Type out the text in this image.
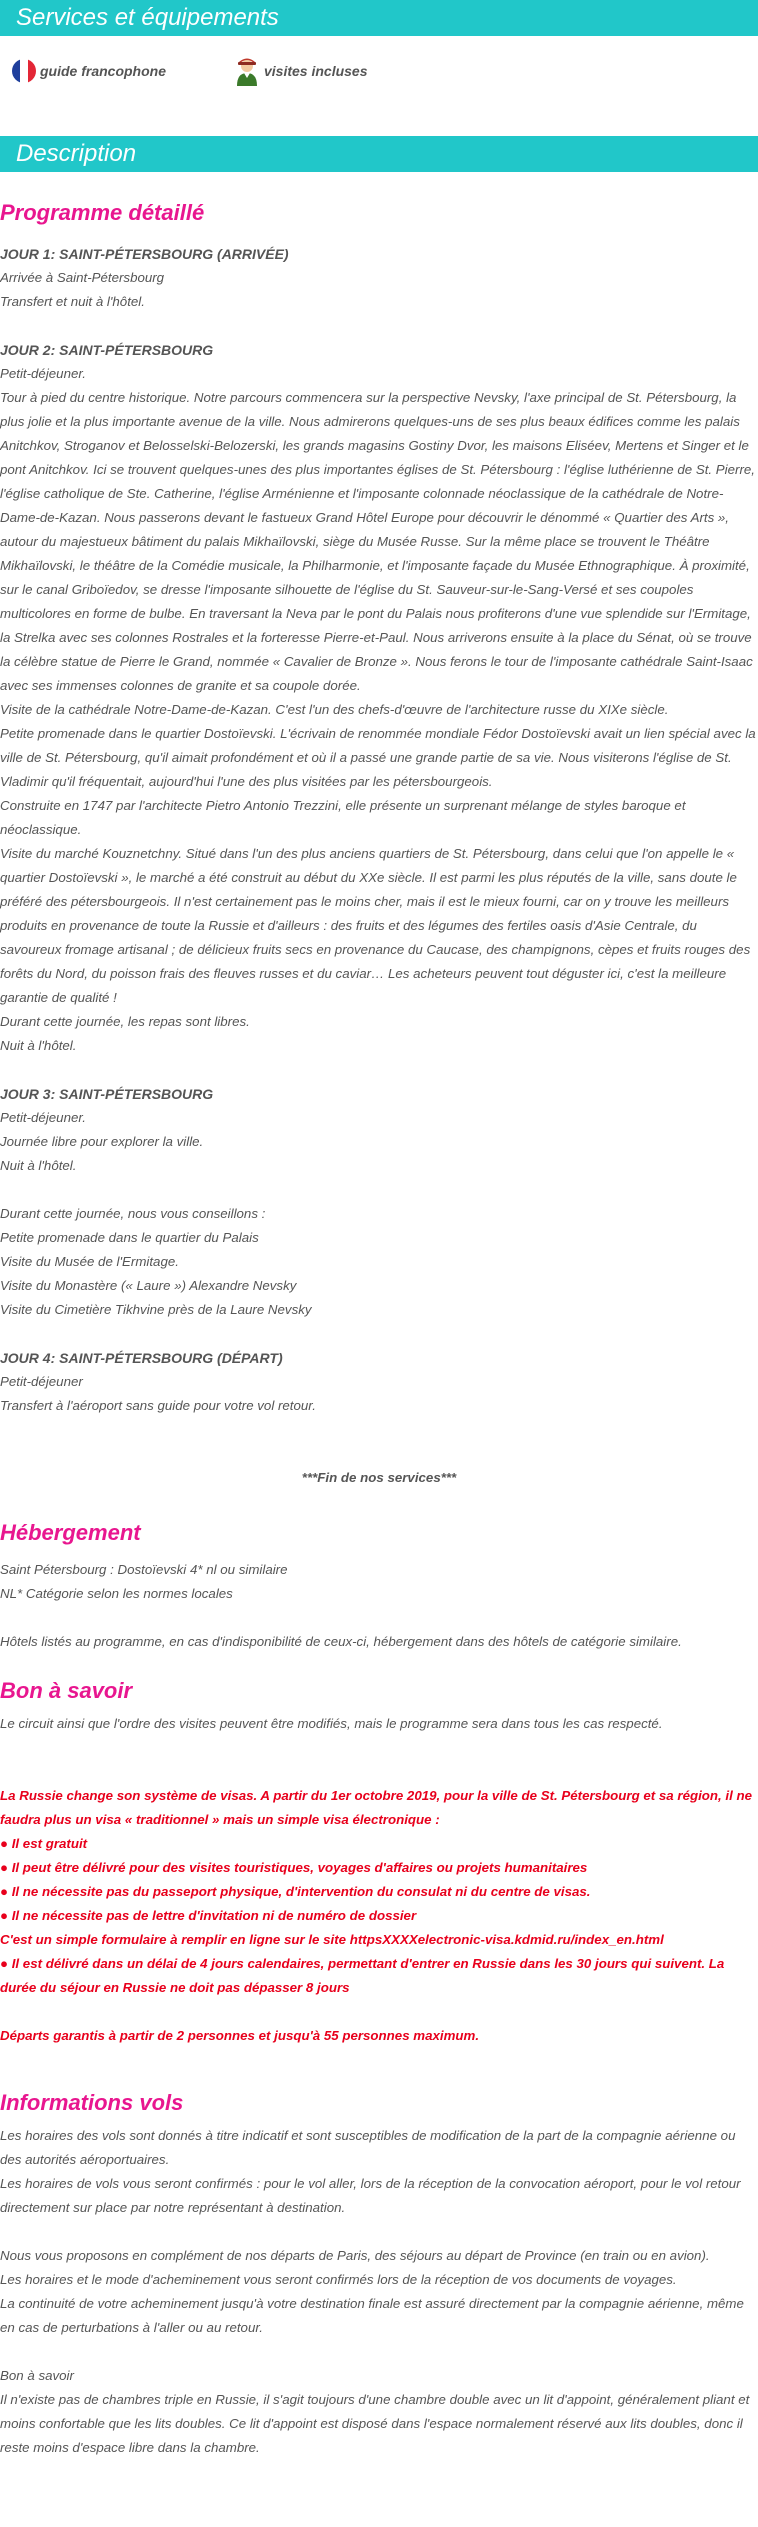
Services et équipements
guide francophone	visites incluses
Description
Programme détaillé

JOUR 1: SAINT-PÉTERSBOURG (ARRIVÉE)

Arrivée à Saint-Pétersbourg

Transfert et nuit à l'hôtel.

JOUR 2: SAINT-PÉTERSBOURG

Petit-déjeuner.

Tour à pied du centre historique. Notre parcours commencera sur la perspective Nevsky, l'axe principal de St. Pétersbourg, la plus jolie et la plus importante avenue de la ville. Nous admirerons quelques-uns de ses plus beaux édifices comme les palais Anitchkov, Stroganov et Belosselski-Belozerski, les grands magasins Gostiny Dvor, les maisons Eliséev, Mertens et Singer et le pont Anitchkov. Ici se trouvent quelques-unes des plus importantes églises de St. Pétersbourg : l'église luthérienne de St. Pierre, l'église catholique de Ste. Catherine, l'église Arménienne et l'imposante colonnade néoclassique de la cathédrale de Notre-Dame-de-Kazan. Nous passerons devant le fastueux Grand Hôtel Europe pour découvrir le dénommé « Quartier des Arts », autour du majestueux bâtiment du palais Mikhaïlovski, siège du Musée Russe. Sur la même place se trouvent le Théâtre Mikhaïlovski, le théâtre de la Comédie musicale, la Philharmonie, et l'imposante façade du Musée Ethnographique. À proximité, sur le canal Griboïedov, se dresse l'imposante silhouette de l'église du St. Sauveur-sur-le-Sang-Versé et ses coupoles multicolores en forme de bulbe. En traversant la Neva par le pont du Palais nous profiterons d'une vue splendide sur l'Ermitage, la Strelka avec ses colonnes Rostrales et la forteresse Pierre-et-Paul. Nous arriverons ensuite à la place du Sénat, où se trouve la célèbre statue de Pierre le Grand, nommée « Cavalier de Bronze ». Nous ferons le tour de l'imposante cathédrale Saint-Isaac avec ses immenses colonnes de granite et sa coupole dorée.

Visite de la cathédrale Notre-Dame-de-Kazan. C'est l'un des chefs-d'œuvre de l'architecture russe du XIXe siècle.

Petite promenade dans le quartier Dostoïevski. L'écrivain de renommée mondiale Fédor Dostoïevski avait un lien spécial avec la ville de St. Pétersbourg, qu'il aimait profondément et où il a passé une grande partie de sa vie. Nous visiterons l'église de St. Vladimir qu'il fréquentait, aujourd'hui l'une des plus visitées par les pétersbourgeois.

Construite en 1747 par l'architecte Pietro Antonio Trezzini, elle présente un surprenant mélange de styles baroque et néoclassique.

Visite du marché Kouznetchny. Situé dans l'un des plus anciens quartiers de St. Pétersbourg, dans celui que l'on appelle le « quartier Dostoïevski », le marché a été construit au début du XXe siècle. Il est parmi les plus réputés de la ville, sans doute le préféré des pétersbourgeois. Il n'est certainement pas le moins cher, mais il est le mieux fourni, car on y trouve les meilleurs produits en provenance de toute la Russie et d'ailleurs : des fruits et des légumes des fertiles oasis d'Asie Centrale, du savoureux fromage artisanal ; de délicieux fruits secs en provenance du Caucase, des champignons, cèpes et fruits rouges des forêts du Nord, du poisson frais des fleuves russes et du caviar… Les acheteurs peuvent tout déguster ici, c'est la meilleure garantie de qualité !

Durant cette journée, les repas sont libres.

Nuit à l'hôtel.

JOUR 3: SAINT-PÉTERSBOURG

Petit-déjeuner.

Journée libre pour explorer la ville.

Nuit à l'hôtel.

Durant cette journée, nous vous conseillons :

Petite promenade dans le quartier du Palais

Visite du Musée de l'Ermitage.

Visite du Monastère (« Laure ») Alexandre Nevsky

Visite du Cimetière Tikhvine près de la Laure Nevsky

JOUR 4: SAINT-PÉTERSBOURG (DÉPART)

Petit-déjeuner

Transfert à l'aéroport sans guide pour votre vol retour.

***Fin de nos services***

Hébergement

Saint Pétersbourg : Dostoïevski 4* nl ou similaire

NL* Catégorie selon les normes locales

Hôtels listés au programme, en cas d'indisponibilité de ceux-ci, hébergement dans des hôtels de catégorie similaire.

Bon à savoir

Le circuit ainsi que l'ordre des visites peuvent être modifiés, mais le programme sera dans tous les cas respecté.

La Russie change son système de visas. A partir du 1er octobre 2019, pour la ville de St. Pétersbourg et sa région, il ne faudra plus un visa « traditionnel » mais un simple visa électronique :

● Il est gratuit

● Il peut être délivré pour des visites touristiques, voyages d'affaires ou projets humanitaires

● Il ne nécessite pas du passeport physique, d'intervention du consulat ni du centre de visas.

● Il ne nécessite pas de lettre d'invitation ni de numéro de dossier

C'est un simple formulaire à remplir en ligne sur le site httpsXXXXelectronic-visa.kdmid.ru/index_en.html

● Il est délivré dans un délai de 4 jours calendaires, permettant d'entrer en Russie dans les 30 jours qui suivent. La durée du séjour en Russie ne doit pas dépasser 8 jours

Départs garantis à partir de 2 personnes et jusqu'à 55 personnes maximum.

Informations vols

Les horaires des vols sont donnés à titre indicatif et sont susceptibles de modification de la part de la compagnie aérienne ou des autorités aéroportuaires.

Les horaires de vols vous seront confirmés : pour le vol aller, lors de la réception de la convocation aéroport, pour le vol retour directement sur place par notre représentant à destination.

Nous vous proposons en complément de nos départs de Paris, des séjours au départ de Province (en train ou en avion).

Les horaires et le mode d'acheminement vous seront confirmés lors de la réception de vos documents de voyages.

La continuité de votre acheminement jusqu'à votre destination finale est assuré directement par la compagnie aérienne, même en cas de perturbations à l'aller ou au retour.

Bon à savoir

Il n'existe pas de chambres triple en Russie, il s'agit toujours d'une chambre double avec un lit d'appoint, généralement pliant et moins confortable que les lits doubles. Ce lit d'appoint est disposé dans l'espace normalement réservé aux lits doubles, donc il reste moins d'espace libre dans la chambre.
